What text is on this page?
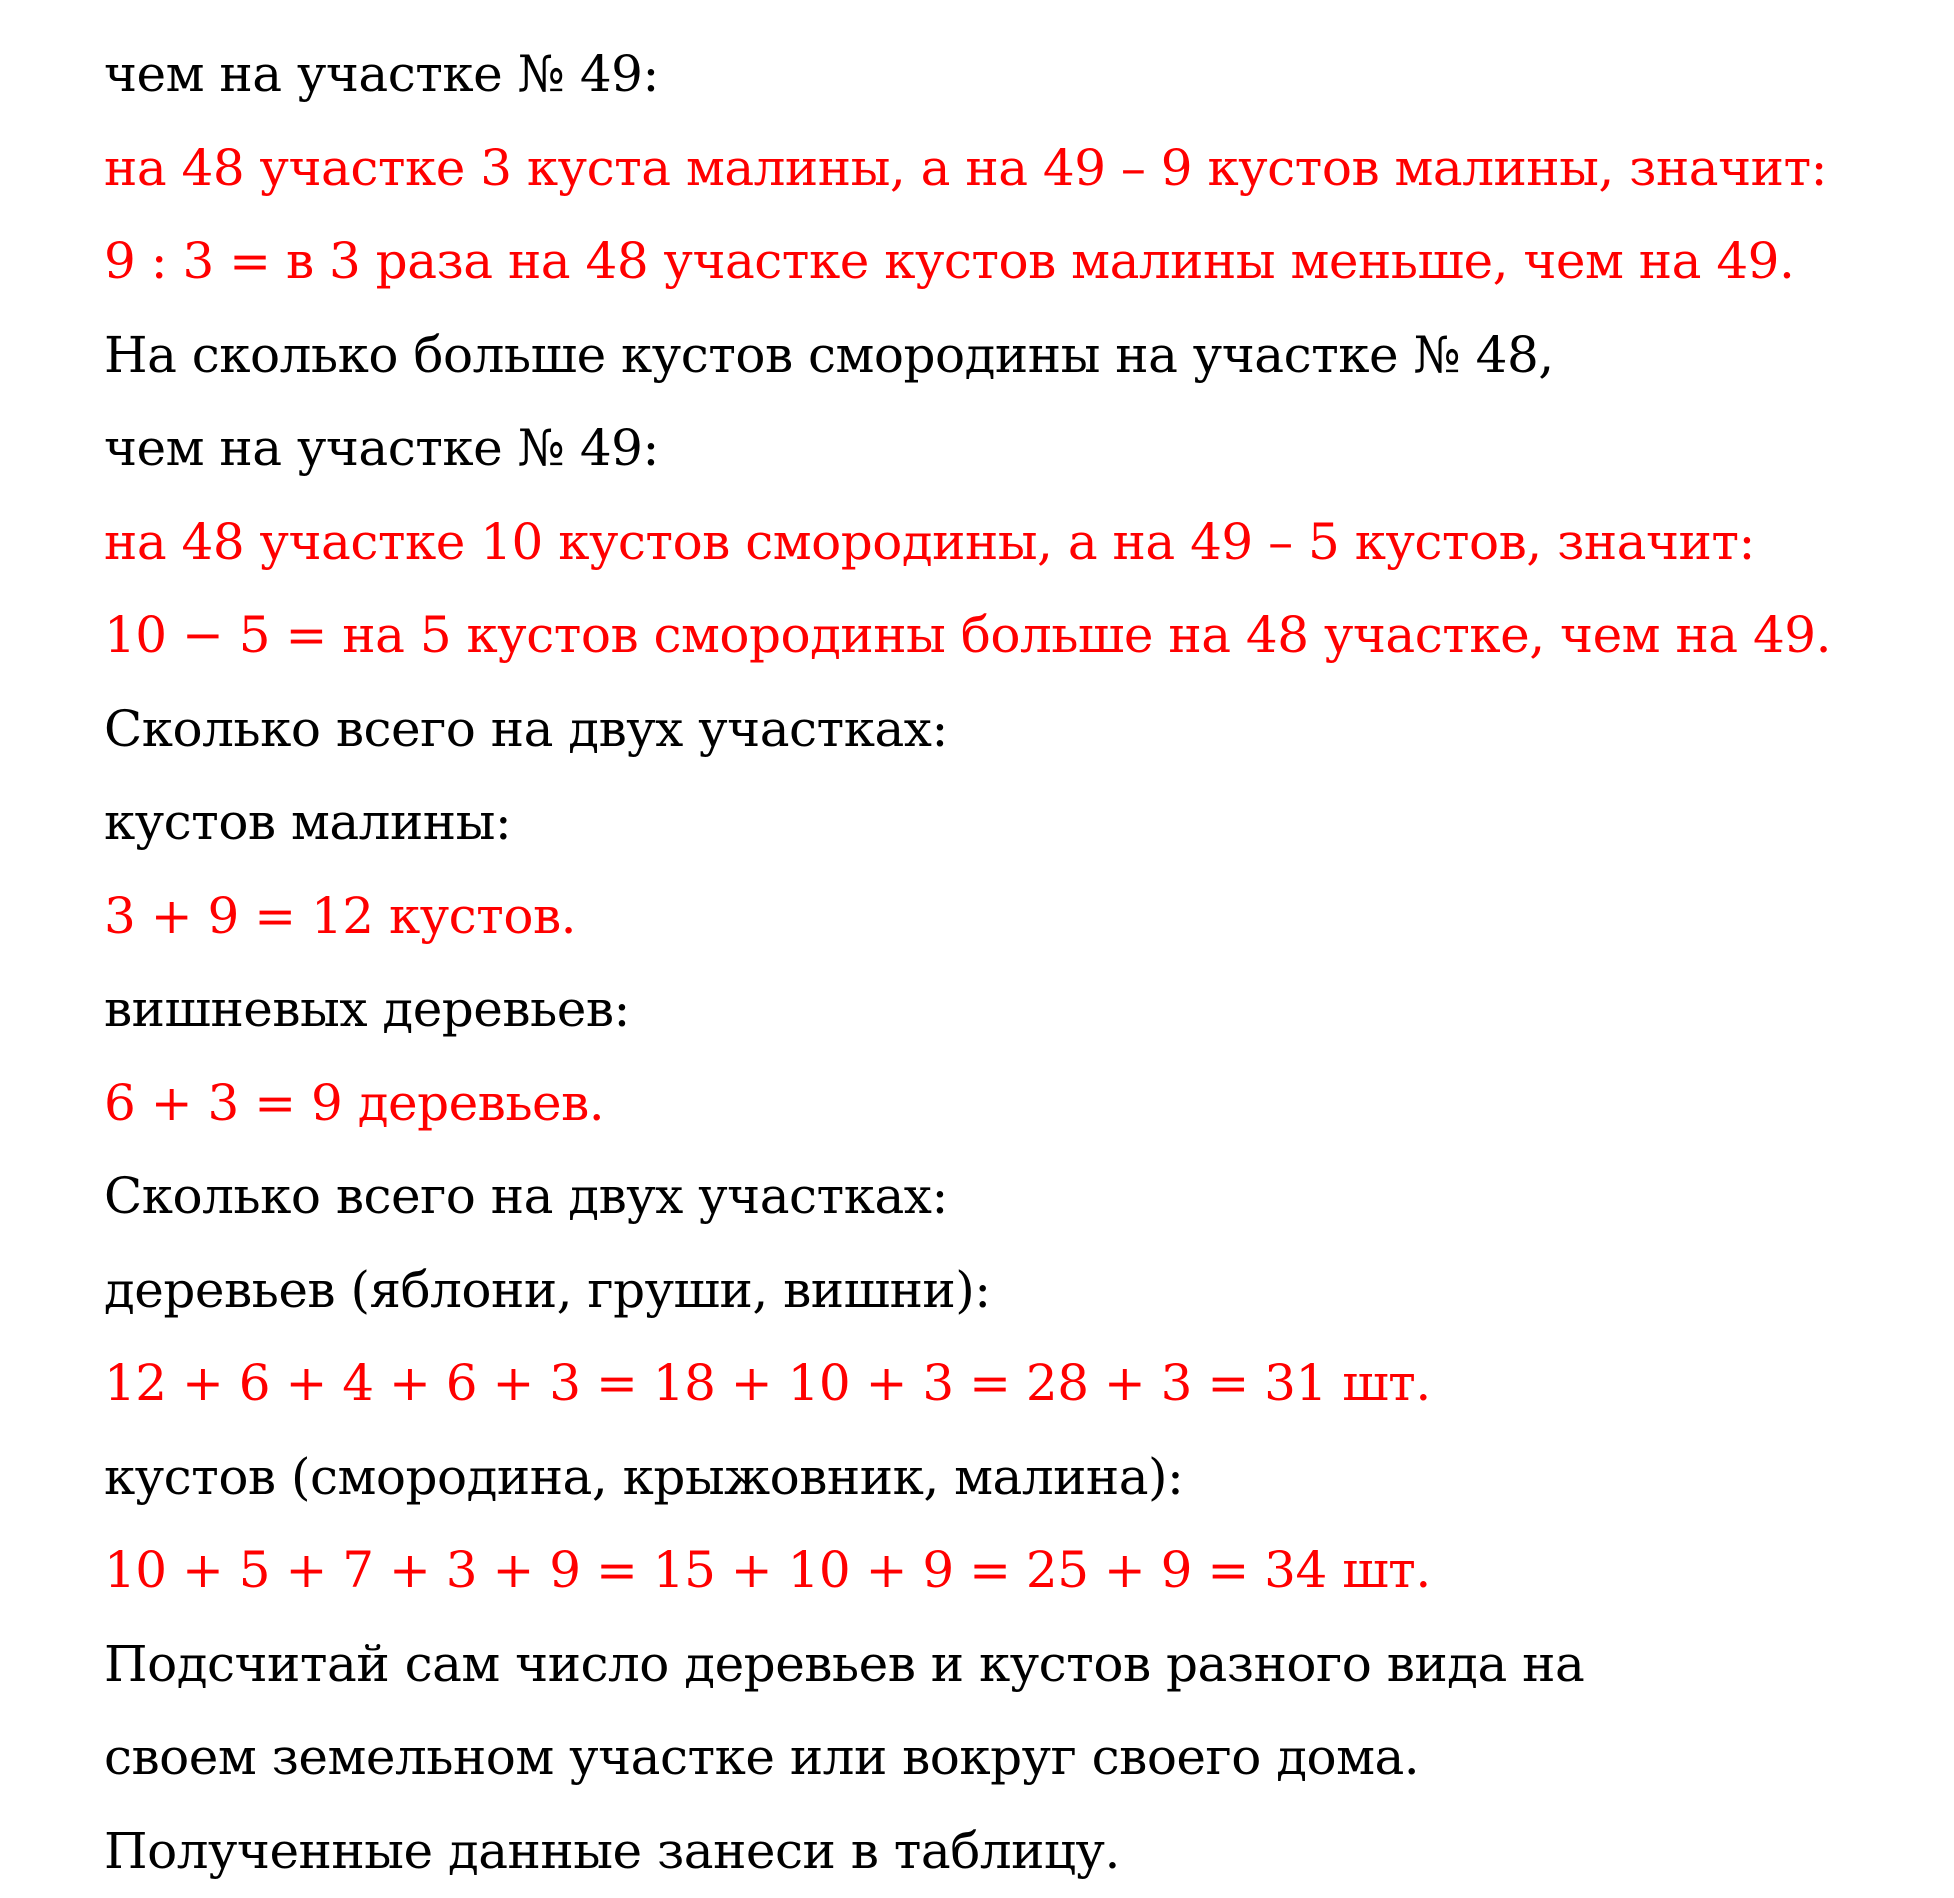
чем на участке № 49:
на 48 участке 3 куста малины, а на 49 – 9 кустов малины, значит:
9 : 3 = в 3 раза на 48 участке кустов малины меньше, чем на 49.
На сколько больше кустов смородины на участке № 48,
чем на участке № 49:
на 48 участке 10 кустов смородины, а на 49 – 5 кустов, значит:
10 − 5 = на 5 кустов смородины больше на 48 участке, чем на 49.
Сколько всего на двух участках:
кустов малины:
3 + 9 = 12 кустов.
вишневых деревьев:
6 + 3 = 9 деревьев.
Сколько всего на двух участках:
деревьев (яблони, груши, вишни):
12 + 6 + 4 + 6 + 3 = 18 + 10 + 3 = 28 + 3 = 31 шт.
кустов (смородина, крыжовник, малина):
10 + 5 + 7 + 3 + 9 = 15 + 10 + 9 = 25 + 9 = 34 шт.
Подсчитай сам число деревьев и кустов разного вида на
своем земельном участке или вокруг своего дома.
Полученные данные занеси в таблицу.
